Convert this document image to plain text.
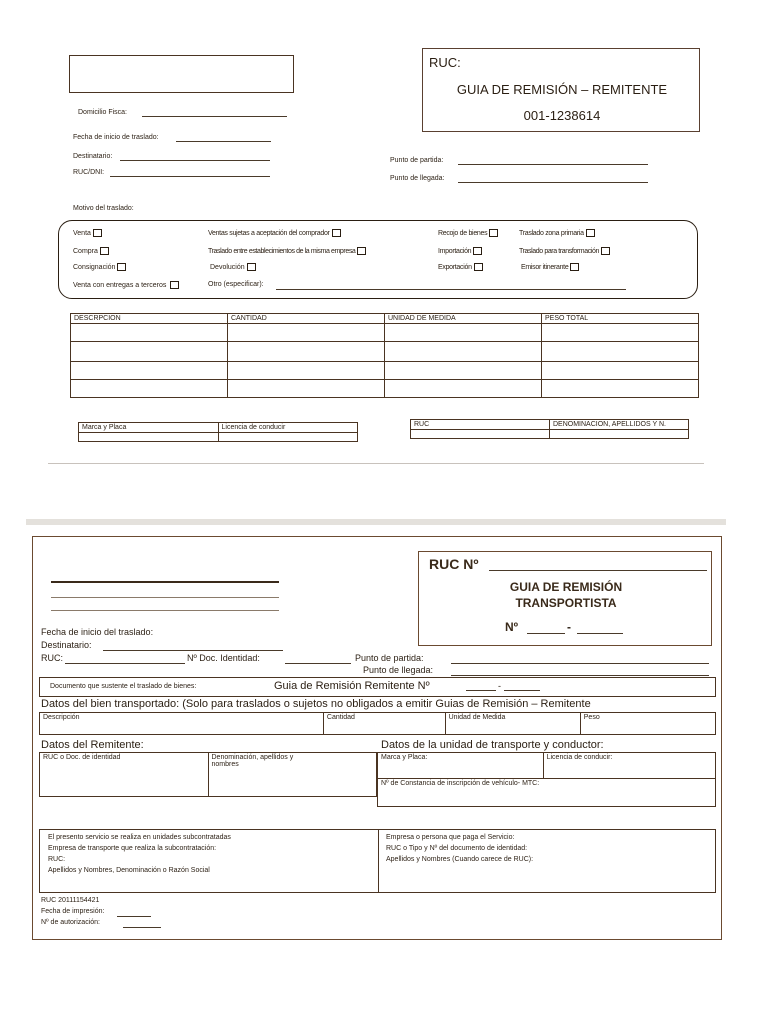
RUC:
GUIA DE REMISIÓN – REMITENTE
001-1238614
Domicilio Fisca:
Fecha de inicio de traslado:
Destinatario:
RUC/DNI:
Punto de partida:
Punto de llegada:
Motivo del traslado:
Venta
Compra
Consignación
Venta con entregas a terceros
Ventas sujetas a aceptación del comprador
Traslado entre establecimientos de la misma empresa
Devolución
Otro (especificar):
Recojo de bienes
Importación
Exportación
Traslado zona primaria
Traslado para transformación
Emisor itinerante
DESCRPCION	CANTIDAD	UNIDAD DE MEDIDA	PESO TOTAL

Marca y Placa	Licencia de conducir
		RUC	DENOMINACION, APELLIDOS Y N.

RUC Nº
GUIA DE REMISIÓN
TRANSPORTISTA
Nº	-
Fecha de inicio del traslado:
Destinatario:
RUC:	Nº Doc. Identidad:	Punto de partida:
Punto de llegada:
Documento que sustente el traslado de bienes:	Guia de Remisión Remitente Nº	-
Datos del bien transportado: (Solo para traslados o sujetos no obligados a emitir Guias de Remisión – Remitente
Descripción	Cantidad	Unidad de Medida	Peso
Datos del Remitente:	Datos de la unidad de transporte y conductor:
RUC o Doc. de identidad	Denominación, apellidos y
nombres
Marca y Placa:	Licencia de conducir:
Nº de Constancia de inscripción de vehículo- MTC:
El presento servicio se realiza en unidades subcontratadas
Empresa de transporte que realiza la subcontratación:
RUC:
Apellidos y Nombres, Denominación o Razón Social
Empresa o persona que paga el Servicio:
RUC o Tipo y Nº del documento de identidad:
Apellidos y Nombres (Cuando carece de RUC):
RUC 20111154421
Fecha de impresión:
Nº de autorización:
